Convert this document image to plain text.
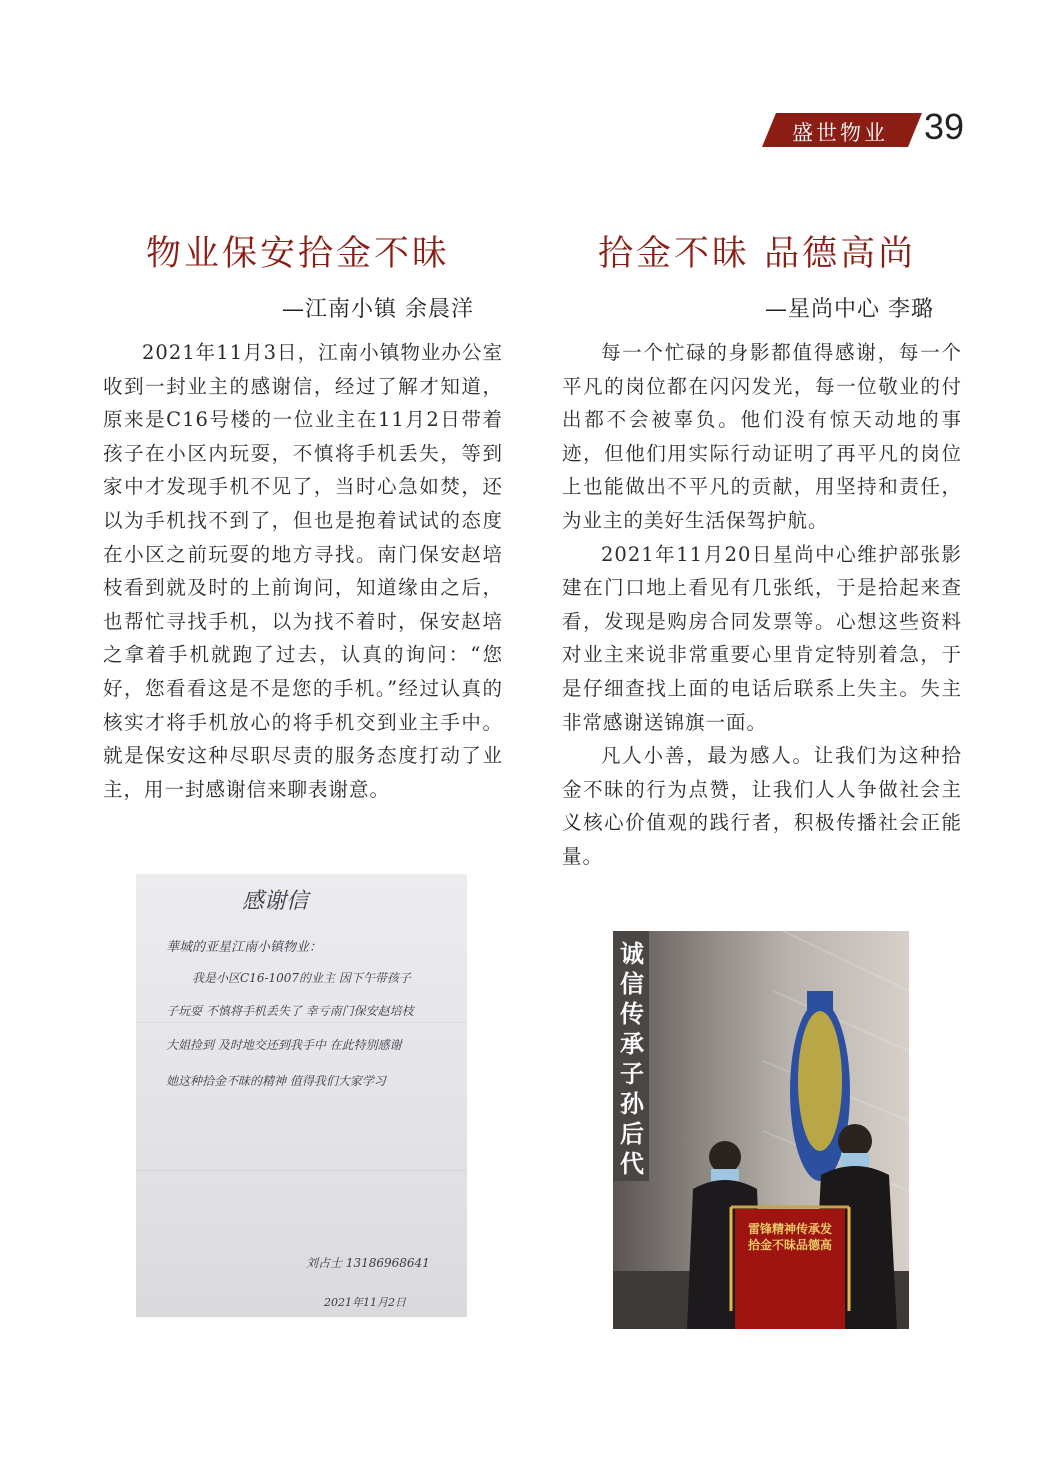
盛世物业 39
物业保安拾金不昧
—江南小镇 余晨洋

2021年11月3日，江南小镇物业办公室收到一封业主的感谢信，经过了解才知道，原来是C16号楼的一位业主在11月2日带着孩子在小区内玩耍，不慎将手机丢失，等到家中才发现手机不见了，当时心急如焚，还以为手机找不到了，但也是抱着试试的态度在小区之前玩耍的地方寻找。南门保安赵培枝看到就及时的上前询问，知道缘由之后，也帮忙寻找手机，以为找不着时，保安赵培之拿着手机就跑了过去，认真的询问：“您好，您看看这是不是您的手机。”经过认真的核实才将手机放心的将手机交到业主手中。就是保安这种尽职尽责的服务态度打动了业主，用一封感谢信来聊表谢意。

拾金不昧 品德高尚
—星尚中心 李璐

每一个忙碌的身影都值得感谢，每一个平凡的岗位都在闪闪发光，每一位敬业的付出都不会被辜负。他们没有惊天动地的事迹，但他们用实际行动证明了再平凡的岗位上也能做出不平凡的贡献，用坚持和责任，为业主的美好生活保驾护航。

2021年11月20日星尚中心维护部张影建在门口地上看见有几张纸，于是拾起来查看，发现是购房合同发票等。心想这些资料对业主来说非常重要心里肯定特别着急，于是仔细查找上面的电话后联系上失主。失主非常感谢送锦旗一面。

凡人小善，最为感人。让我们为这种拾金不昧的行为点赞，让我们人人争做社会主义核心价值观的践行者，积极传播社会正能量。

感谢信
華城的亚星江南小镇物业：
我是小区C16-1007的业主 因下午带孩子
子玩耍 不慎将手机丢失了 幸亏南门保安赵培枝
大姐捡到 及时地交还到我手中 在此特别感谢
她这种拾金不昧的精神 值得我们大家学习
刘占士 13186968641
2021年11月2日
诚信传承子孙后代
雷锋精神传承发
拾金不昧品德高
